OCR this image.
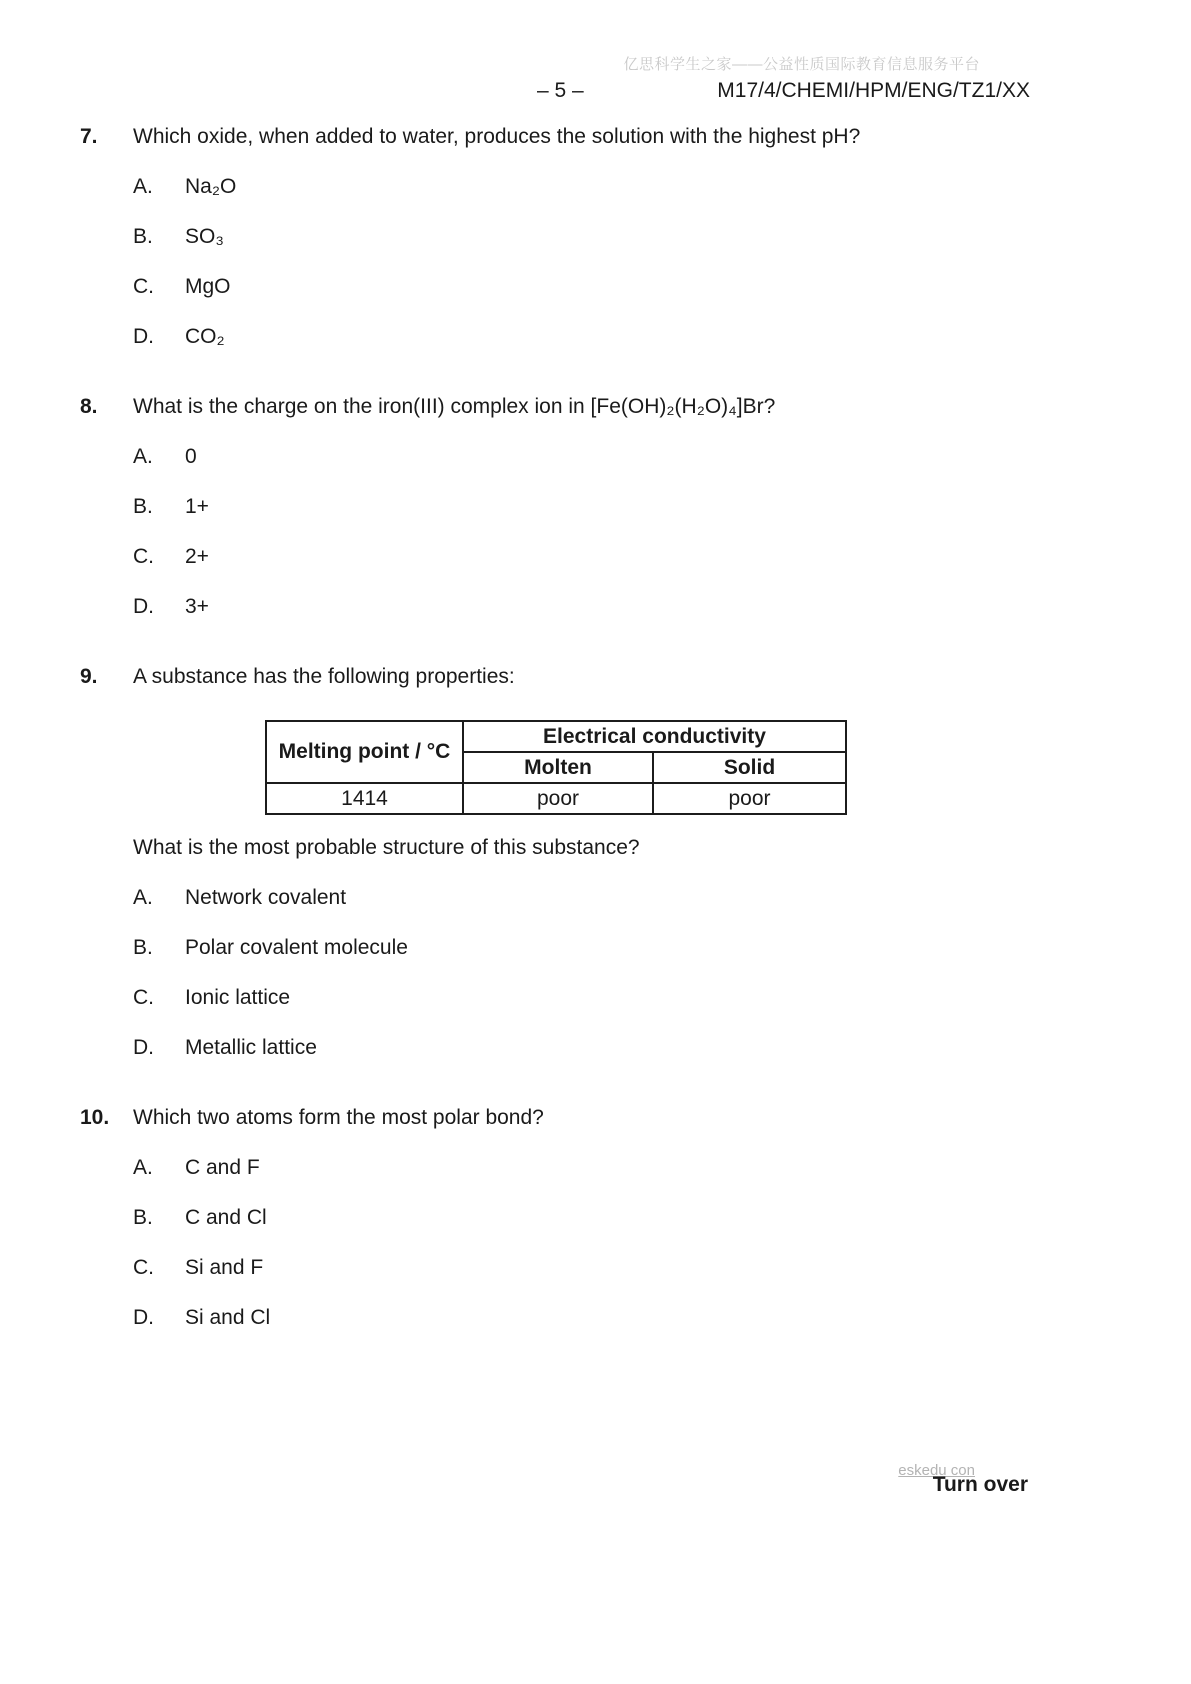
亿思科学生之家——公益性质国际教育信息服务平台
– 5 –	M17/4/CHEMI/HPM/ENG/TZ1/XX
7.	Which oxide, when added to water, produces the solution with the highest pH?
A.	Na₂O
B.	SO₃
C.	MgO
D.	CO₂
8.	What is the charge on the iron(III) complex ion in [Fe(OH)₂(H₂O)₄]Br?
A.	0
B.	1+
C.	2+
D.	3+
9.	A substance has the following properties:
Melting point / °C	Electrical conductivity	
	Molten	Solid
1414	poor	poor
What is the most probable structure of this substance?
A.	Network covalent
B.	Polar covalent molecule
C.	Ionic lattice
D.	Metallic lattice
10.	Which two atoms form the most polar bond?
A.	C and F
B.	C and Cl
C.	Si and F
D.	Si and Cl
eskedu con
Turn over
